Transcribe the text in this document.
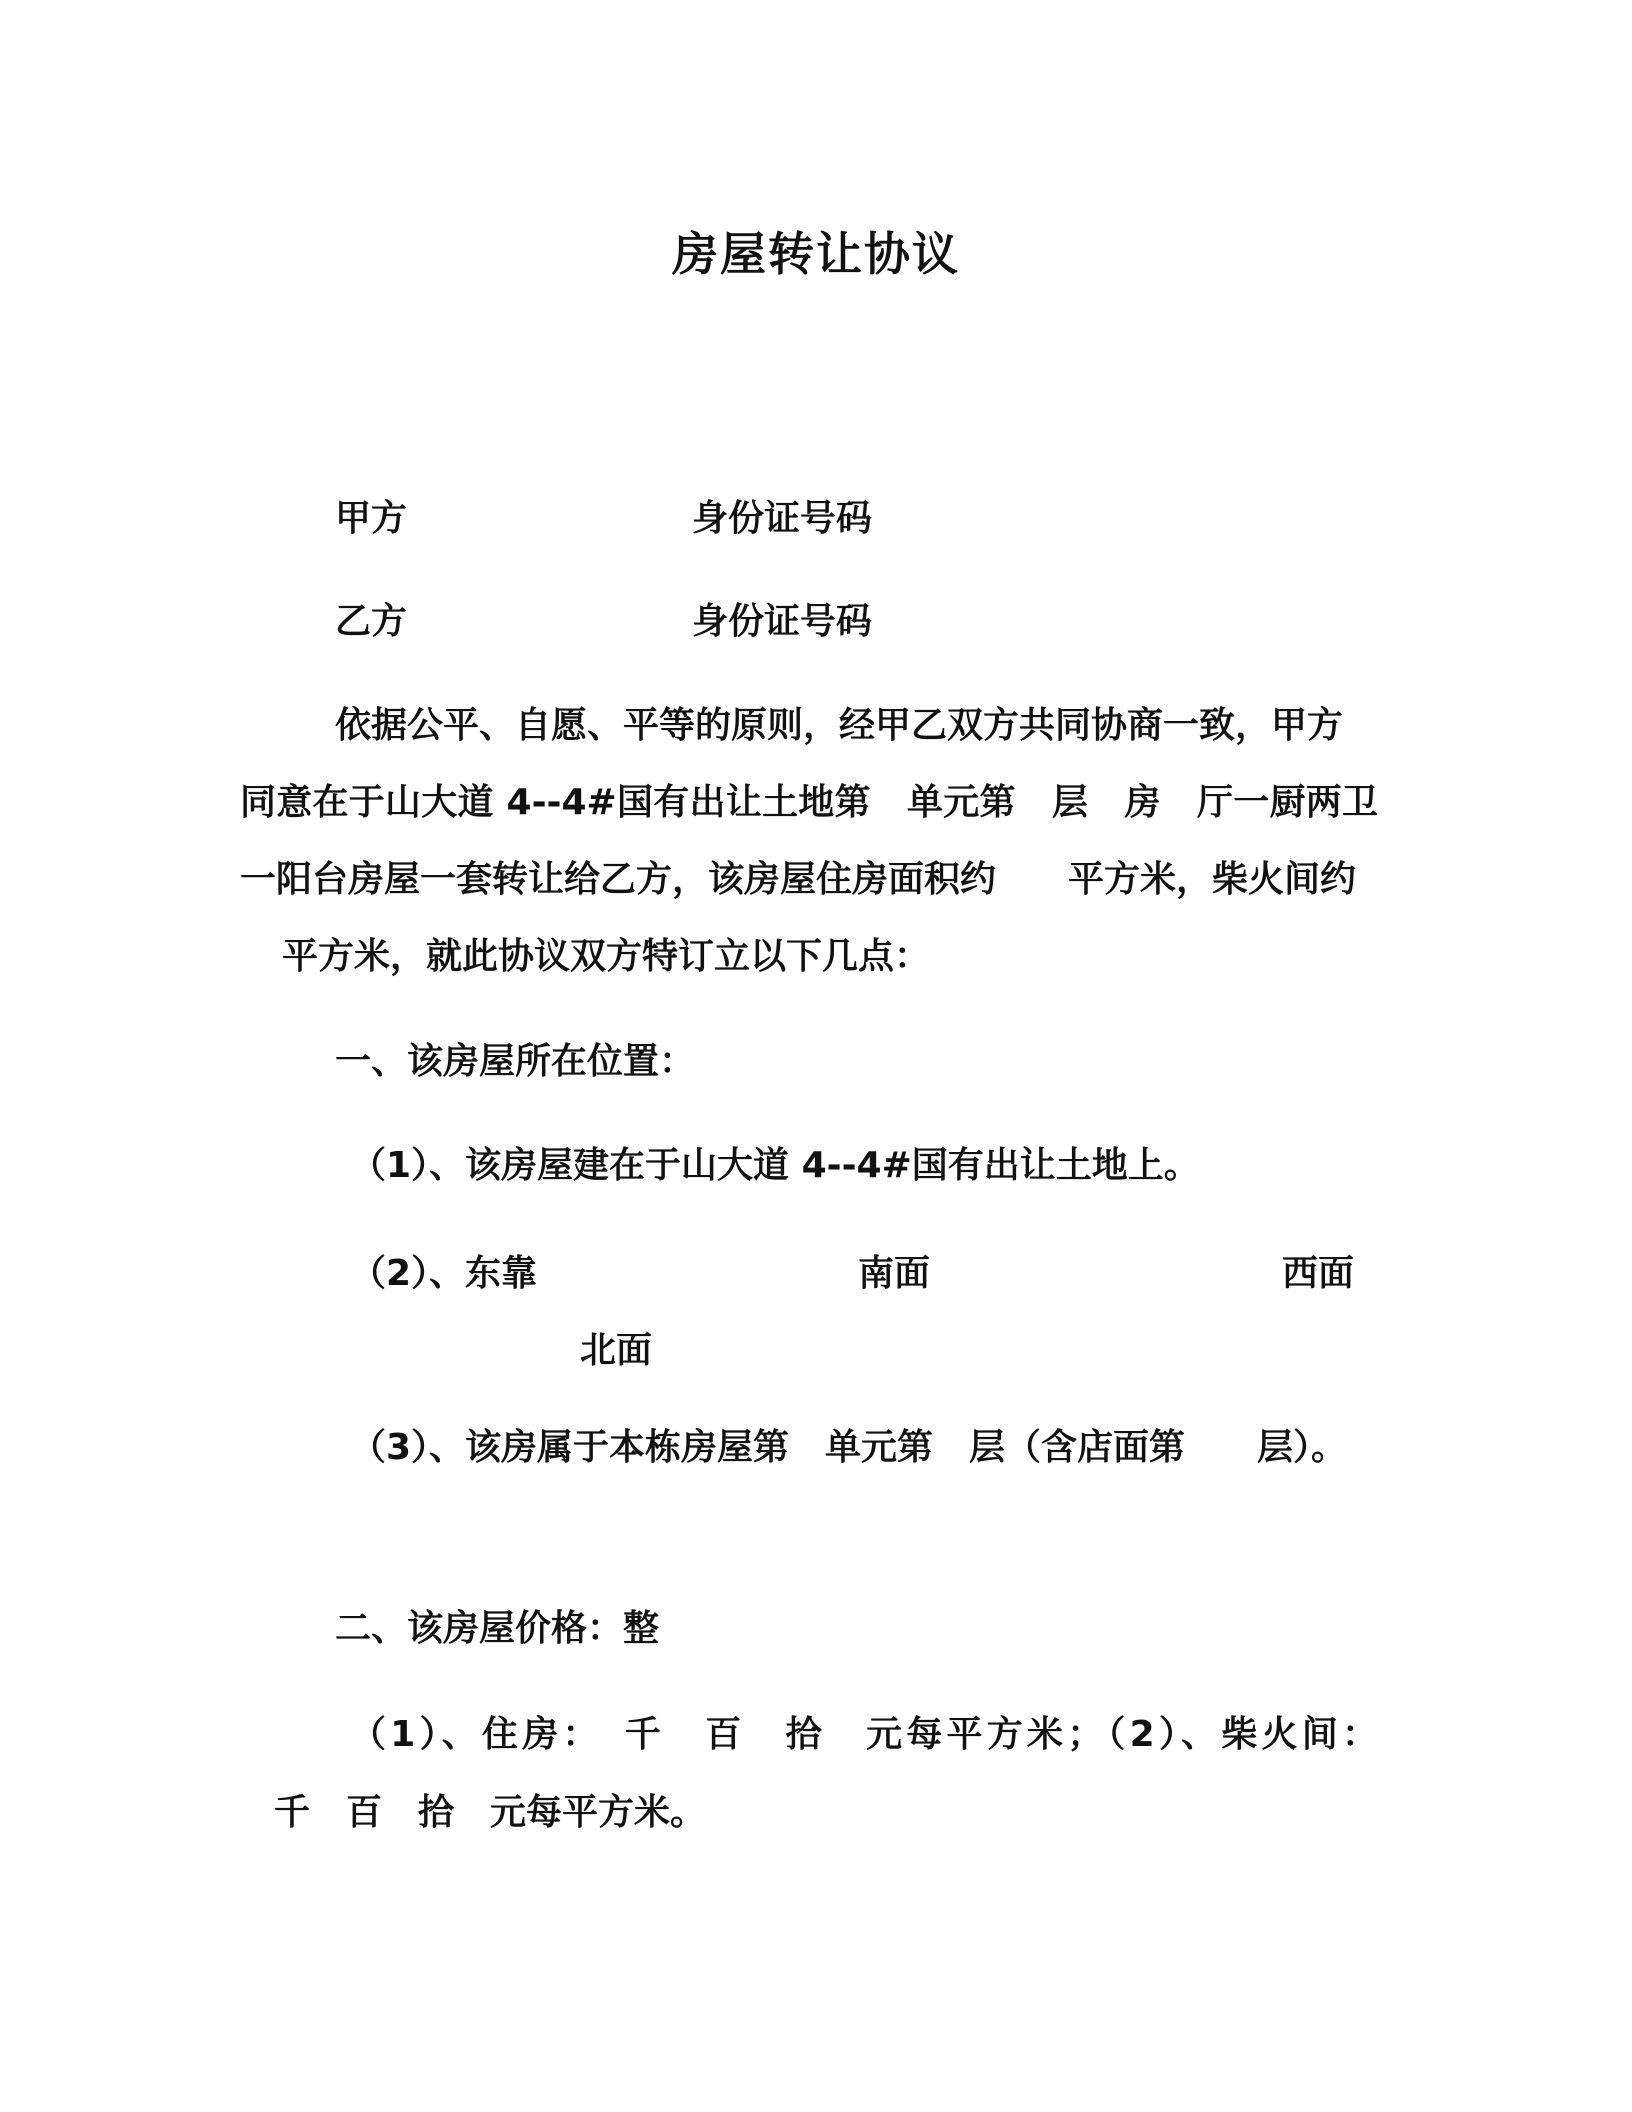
房屋转让协议
甲方	身份证号码
乙方	身份证号码
依据公平、自愿、平等的原则，经甲乙双方共同协商一致，甲方
同意在于山大道 4--4#国有出让土地第　单元第　层　房　厅一厨两卫
一阳台房屋一套转让给乙方，该房屋住房面积约　　平方米，柴火间约
平方米，就此协议双方特订立以下几点：
一、该房屋所在位置：
（1）、该房屋建在于山大道 4--4#国有出让土地上。
（2）、东靠	南面	西面
北面
（3）、该房属于本栋房屋第　单元第　层（含店面第　　层）。
二、该房屋价格：整
（1）、住房：　千　百　拾　元每平方米；（2）、柴火间：
千　百　拾　元每平方米。
